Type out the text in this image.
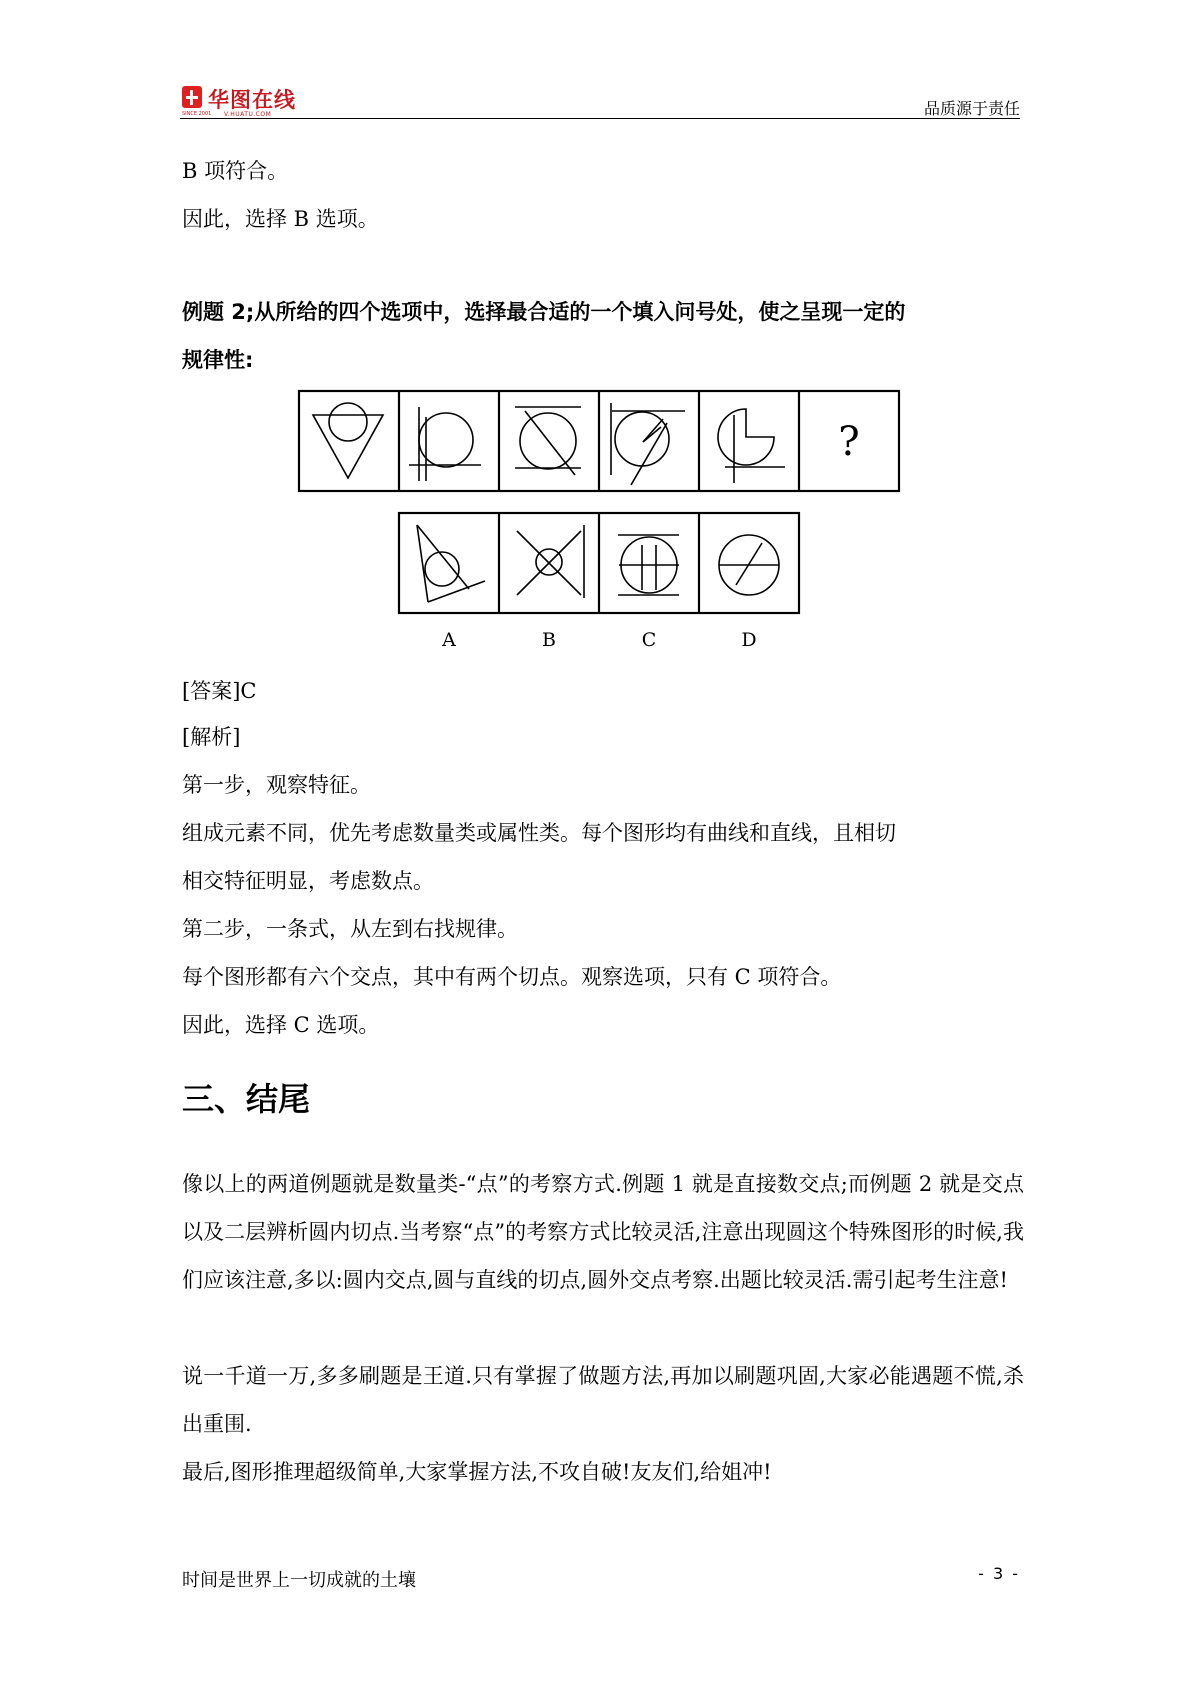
华图在线
SINCE 2001 V.HUATU.COM	品质源于责任
B 项符合。
因此，选择 B 选项。
例题 2;从所给的四个选项中，选择最合适的一个填入问号处，使之呈现一定的
规律性:
?
A	B	C	D
[答案]C
[解析]
第一步，观察特征。
组成元素不同，优先考虑数量类或属性类。每个图形均有曲线和直线，且相切
相交特征明显，考虑数点。
第二步，一条式，从左到右找规律。
每个图形都有六个交点，其中有两个切点。观察选项，只有 C 项符合。
因此，选择 C 选项。
三、结尾
像以上的两道例题就是数量类-“点”的考察方式.例题 1 就是直接数交点;而例题 2 就是交点以及二层辨析圆内切点.当考察“点”的考察方式比较灵活,注意出现圆这个特殊图形的时候,我们应该注意,多以:圆内交点,圆与直线的切点,圆外交点考察.出题比较灵活.需引起考生注意!
说一千道一万,多多刷题是王道.只有掌握了做题方法,再加以刷题巩固,大家必能遇题不慌,杀出重围.
最后,图形推理超级简单,大家掌握方法,不攻自破!友友们,给姐冲!
时间是世界上一切成就的土壤	- 3 -
